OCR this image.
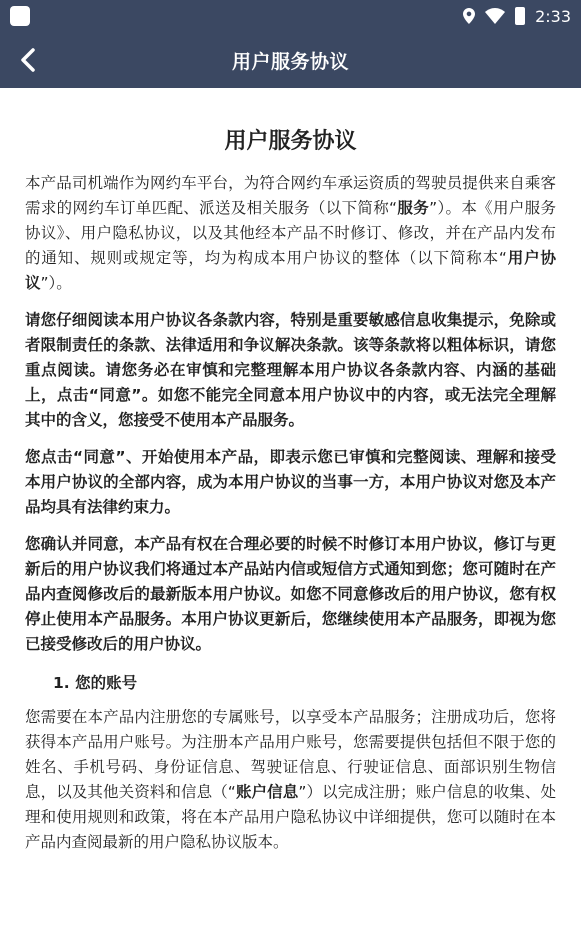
2:33
用户服务协议
用户服务协议

本产品司机端作为网约车平台，为符合网约车承运资质的驾驶员提供来自乘客需求的网约车订单匹配、派送及相关服务（以下简称“服务”）。本《用户服务协议》、用户隐私协议，以及其他经本产品不时修订、修改，并在产品内发布的通知、规则或规定等，均为构成本用户协议的整体（以下简称本“用户协议”）。

请您仔细阅读本用户协议各条款内容，特别是重要敏感信息收集提示，免除或者限制责任的条款、法律适用和争议解决条款。该等条款将以粗体标识，请您重点阅读。请您务必在审慎和完整理解本用户协议各条款内容、内涵的基础上，点击“同意”。如您不能完全同意本用户协议中的内容，或无法完全理解其中的含义，您接受不使用本产品服务。

您点击“同意”、开始使用本产品，即表示您已审慎和完整阅读、理解和接受本用户协议的全部内容，成为本用户协议的当事一方，本用户协议对您及本产品均具有法律约束力。

您确认并同意，本产品有权在合理必要的时候不时修订本用户协议，修订与更新后的用户协议我们将通过本产品站内信或短信方式通知到您；您可随时在产品内查阅修改后的最新版本用户协议。如您不同意修改后的用户协议，您有权停止使用本产品服务。本用户协议更新后，您继续使用本产品服务，即视为您已接受修改后的用户协议。

1. 您的账号

您需要在本产品内注册您的专属账号，以享受本产品服务；注册成功后，您将获得本产品用户账号。为注册本产品用户账号，您需要提供包括但不限于您的姓名、手机号码、身份证信息、驾驶证信息、行驶证信息、面部识别生物信息，以及其他关资料和信息（“账户信息”）以完成注册；账户信息的收集、处理和使用规则和政策，将在本产品用户隐私协议中详细提供，您可以随时在本产品内查阅最新的用户隐私协议版本。
